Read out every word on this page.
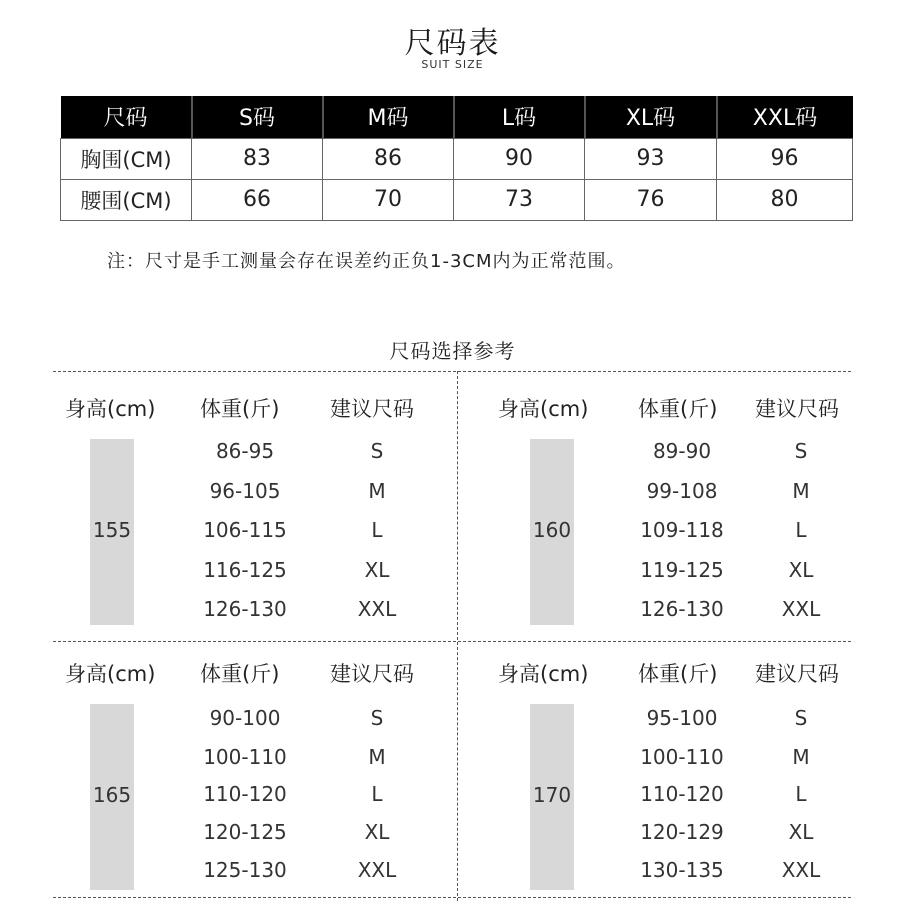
尺码表
SUIT SIZE
尺码	S码	M码	L码	XL码	XXL码
胸围(CM)	83	86	90	93	96
腰围(CM)	66	70	73	76	80
注：尺寸是手工测量会存在误差约正负1-3CM内为正常范围。
尺码选择参考
身高(cm) 体重(斤) 建议尺码
155
86-95	S
96-105	M
106-115	L
116-125	XL
126-130	XXL
身高(cm) 体重(斤) 建议尺码
160
89-90	S
99-108	M
109-118	L
119-125	XL
126-130	XXL
身高(cm) 体重(斤) 建议尺码
165
90-100	S
100-110	M
110-120	L
120-125	XL
125-130	XXL
身高(cm) 体重(斤) 建议尺码
170
95-100	S
100-110	M
110-120	L
120-129	XL
130-135	XXL
